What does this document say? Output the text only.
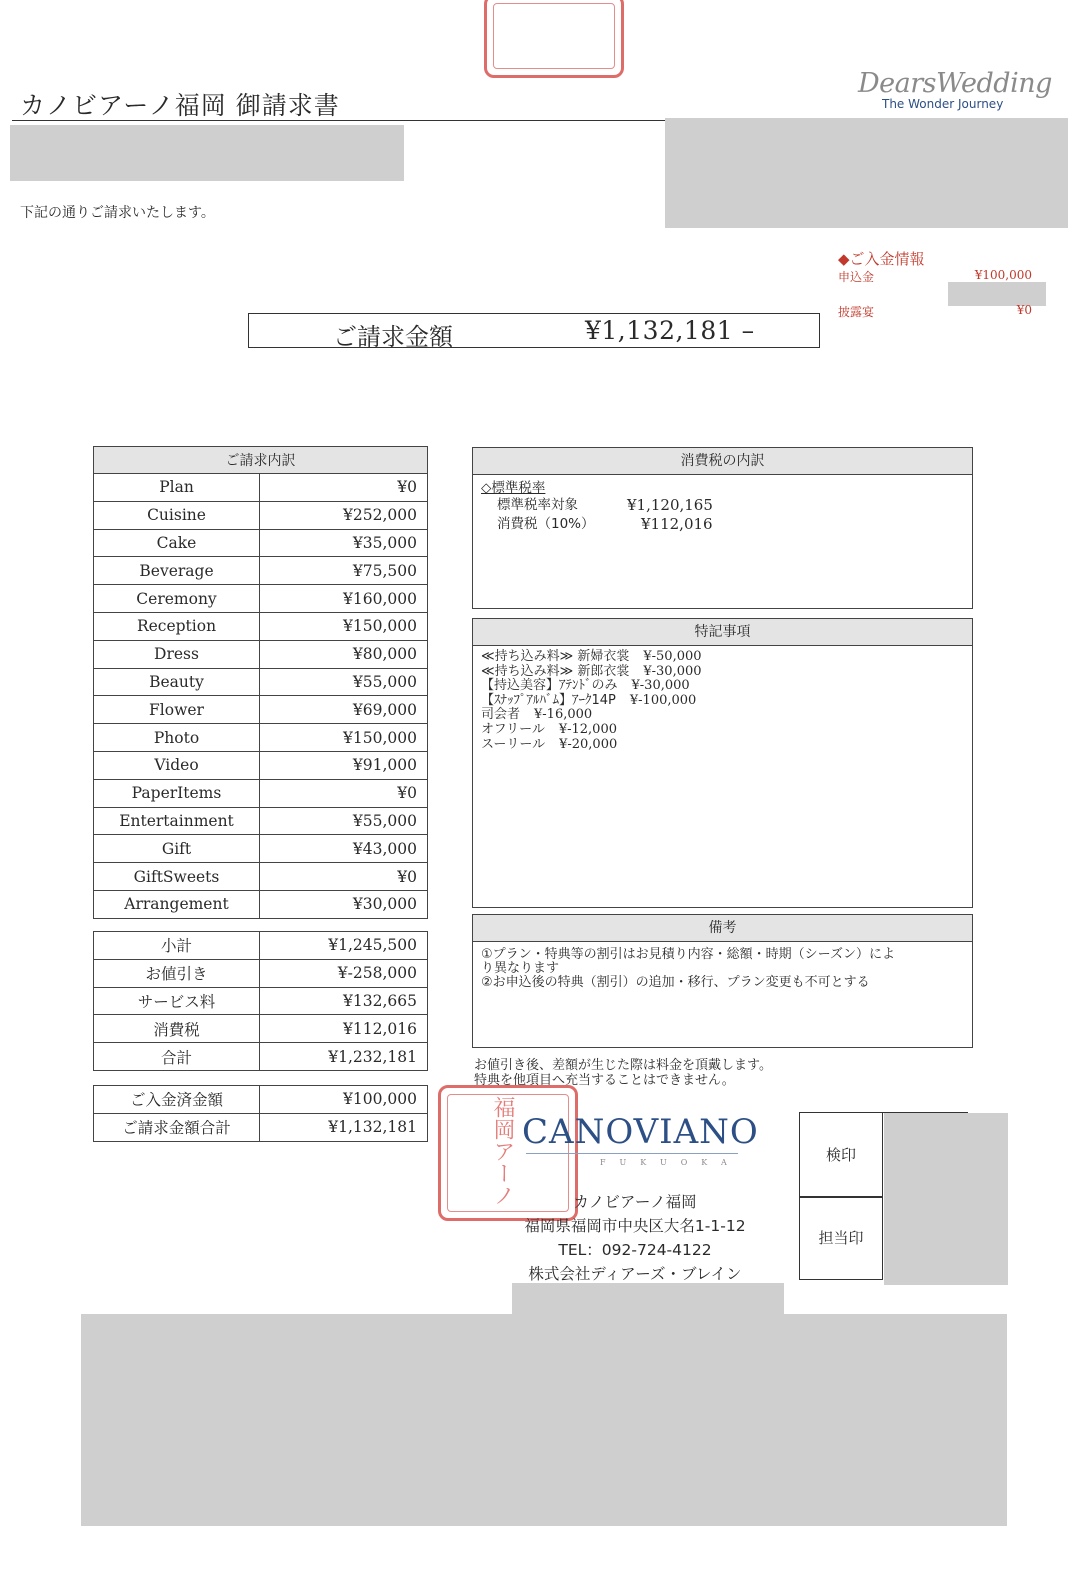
カノビアーノ福岡 御請求書
DearsWedding
The Wonder Journey
下記の通りご請求いたします。
◆ご入金情報
申込金	¥100,000
披露宴	¥0
ご請求金額	¥1,132,181 –
ご請求内訳	
Plan	¥0
Cuisine	¥252,000
Cake	¥35,000
Beverage	¥75,500
Ceremony	¥160,000
Reception	¥150,000
Dress	¥80,000
Beauty	¥55,000
Flower	¥69,000
Photo	¥150,000
Video	¥91,000
PaperItems	¥0
Entertainment	¥55,000
Gift	¥43,000
GiftSweets	¥0
Arrangement	¥30,000
小計	¥1,245,500
お値引き	¥-258,000
サービス料	¥132,665
消費税	¥112,016
合計	¥1,232,181
ご入金済金額	¥100,000
ご請求金額合計	¥1,132,181
消費税の内訳
◇標準税率
標準税率対象	¥1,120,165
消費税（10%）	¥112,016
特記事項
≪持ち込み料≫ 新婦衣裳 ¥-50,000
≪持ち込み料≫ 新郎衣裳 ¥-30,000
【持込美容】ｱﾃﾝﾄﾞのみ ¥-30,000
【ｽﾅｯﾌﾟｱﾙﾊﾞﾑ】ｱｰｸ14P ¥-100,000
司会者 ¥-16,000
オフリール ¥-12,000
スーリール ¥-20,000
備考
①プラン・特典等の割引はお見積り内容・総額・時期（シーズン）によ
り異なります
②お申込後の特典（割引）の追加・移行、プラン変更も不可とする
お値引き後、差額が生じた際は料金を頂戴します。
特典を他項目へ充当することはできません。
福岡アーノ CANOVIANO
FUKUOKA
カノビアーノ福岡
福岡県福岡市中央区大名1-1-12
TEL：092-724-4122
株式会社ディアーズ・ブレイン
検印
担当印
